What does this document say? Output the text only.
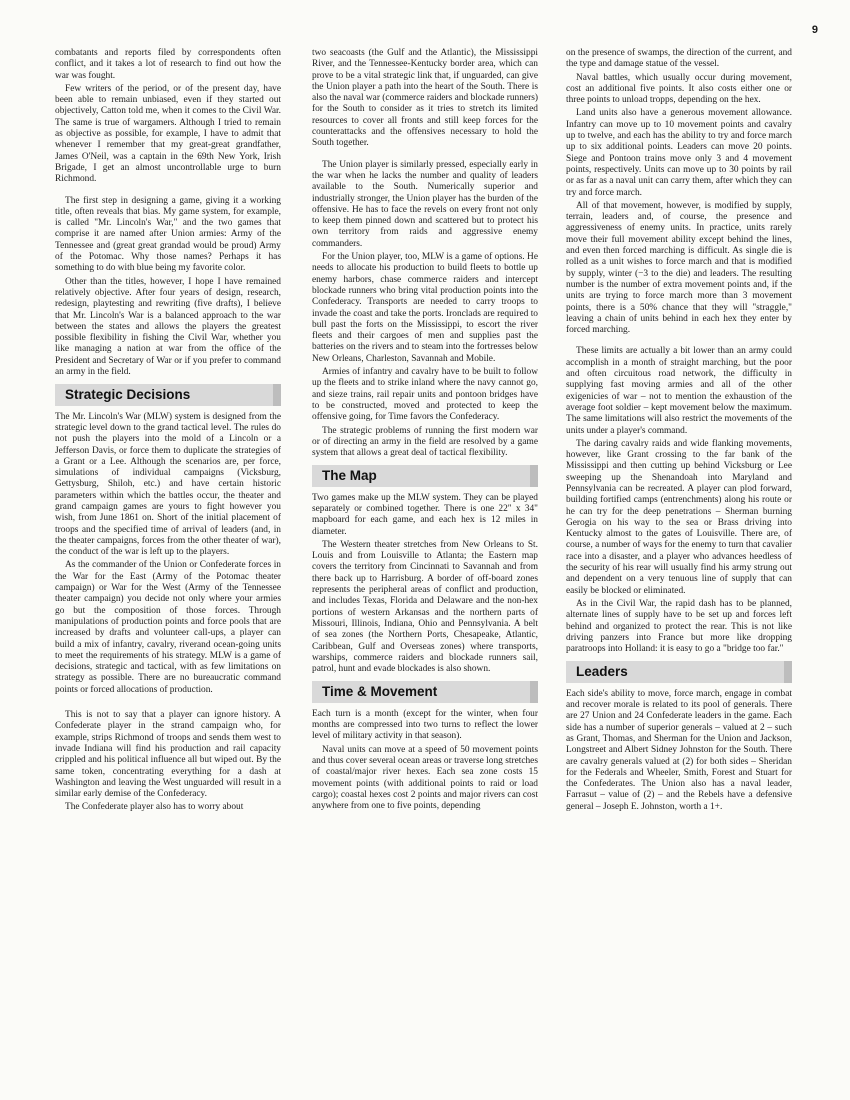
9

combatants and reports filed by correspondents often conflict, and it takes a lot of research to find out how the war was fought.

Few writers of the period, or of the present day, have been able to remain unbiased, even if they started out objectively, Catton told me, when it comes to the Civil War. The same is true of wargamers. Although I tried to remain as objective as possible, for example, I have to admit that whenever I remember that my great-great grandfather, James O'Neil, was a captain in the 69th New York, Irish Brigade, I get an almost uncontrollable urge to burn Richmond.

The first step in designing a game, giving it a working title, often reveals that bias. My game system, for example, is called "Mr. Lincoln's War," and the two games that comprise it are named after Union armies: Army of the Tennessee and (great great grandad would be proud) Army of the Potomac. Why those names? Perhaps it has something to do with blue being my favorite color.

Other than the titles, however, I hope I have remained relatively objective. After four years of design, research, redesign, playtesting and rewriting (five drafts), I believe that Mr. Lincoln's War is a balanced approach to the war between the states and allows the players the greatest possible flexibility in fishing the Civil War, whether you like managing a nation at war from the office of the President and Secretary of War or if you prefer to command an army in the field.

Strategic Decisions

The Mr. Lincoln's War (MLW) system is designed from the strategic level down to the grand tactical level. The rules do not push the players into the mold of a Lincoln or a Jefferson Davis, or force them to duplicate the strategies of a Grant or a Lee. Although the scenarios are, per force, simulations of individual campaigns (Vicksburg, Gettysburg, Shiloh, etc.) and have certain historic parameters within which the battles occur, the theater and grand campaign games are yours to fight however you wish, from June 1861 on. Short of the initial placement of troops and the specified time of arrival of leaders (and, in the theater campaigns, forces from the other theater of war), the conduct of the war is left up to the players.

As the commander of the Union or Confederate forces in the War for the East (Army of the Potomac theater campaign) or War for the West (Army of the Tennessee theater campaign) you decide not only where your armies go but the composition of those forces. Through manipulations of production points and force pools that are increased by drafts and volunteer call-ups, a player can build a mix of infantry, cavalry, riverand ocean-going units to meet the requirements of his strategy. MLW is a game of decisions, strategic and tactical, with as few limitations on strategy as possible. There are no bureaucratic command points or forced allocations of production.

This is not to say that a player can ignore history. A Confederate player in the strand campaign who, for example, strips Richmond of troops and sends them west to invade Indiana will find his production and rail capacity crippled and his political influence all but wiped out. By the same token, concentrating everything for a dash at Washington and leaving the West unguarded will result in a similar early demise of the Confederacy.

The Confederate player also has to worry about

two seacoasts (the Gulf and the Atlantic), the Mississippi River, and the Tennessee-Kentucky border area, which can prove to be a vital strategic link that, if unguarded, can give the Union player a path into the heart of the South. There is also the naval war (commerce raiders and blockade runners) for the South to consider as it tries to stretch its limited resources to cover all fronts and still keep forces for the counterattacks and the offensives necessary to hold the South together.

The Union player is similarly pressed, especially early in the war when he lacks the number and quality of leaders available to the South. Numerically superior and industrially stronger, the Union player has the burden of the offensive. He has to face the revels on every front not only to keep them pinned down and scattered but to protect his own territory from raids and aggressive enemy commanders.

For the Union player, too, MLW is a game of options. He needs to allocate his production to build fleets to bottle up enemy harbors, chase commerce raiders and intercept blockade runners who bring vital production points into the Confederacy. Transports are needed to carry troops to invade the coast and take the ports. Ironclads are required to bull past the forts on the Mississippi, to escort the river fleets and their cargoes of men and supplies past the batteries on the rivers and to steam into the fortresses below New Orleans, Charleston, Savannah and Mobile.

Armies of infantry and cavalry have to be built to follow up the fleets and to strike inland where the navy cannot go, and sieze trains, rail repair units and pontoon bridges have to be constructed, moved and protected to keep the offensive going, for Time favors the Confederacy.

The strategic problems of running the first modern war or of directing an army in the field are resolved by a game system that allows a great deal of tactical flexibility.

The Map

Two games make up the MLW system. They can be played separately or combined together. There is one 22" x 34" mapboard for each game, and each hex is 12 miles in diameter.

The Western theater stretches from New Orleans to St. Louis and from Louisville to Atlanta; the Eastern map covers the territory from Cincinnati to Savannah and from there back up to Harrisburg. A border of off-board zones represents the peripheral areas of conflict and production, and includes Texas, Florida and Delaware and the non-hex portions of western Arkansas and the northern parts of Missouri, Illinois, Indiana, Ohio and Pennsylvania. A belt of sea zones (the Northern Ports, Chesapeake, Atlantic, Caribbean, Gulf and Overseas zones) where transports, warships, commerce raiders and blockade runners sail, patrol, hunt and evade blockades is also shown.

Time & Movement

Each turn is a month (except for the winter, when four months are compressed into two turns to reflect the lower level of military activity in that season).

Naval units can move at a speed of 50 movement points and thus cover several ocean areas or traverse long stretches of coastal/major river hexes. Each sea zone costs 15 movement points (with additional points to raid or load cargo); coastal hexes cost 2 points and major rivers can cost anywhere from one to five points, depending

on the presence of swamps, the direction of the current, and the type and damage statue of the vessel.

Naval battles, which usually occur during movement, cost an additional five points. It also costs either one or three points to unload tropps, depending on the hex.

Land units also have a generous movement allowance. Infantry can move up to 10 movement points and cavalry up to twelve, and each has the ability to try and force march up to six additional points. Leaders can move 20 points. Siege and Pontoon trains move only 3 and 4 movement points, respectively. Units can move up to 30 points by rail or as far as a naval unit can carry them, after which they can try and force march.

All of that movement, however, is modified by supply, terrain, leaders and, of course, the presence and aggressiveness of enemy units. In practice, units rarely move their full movement ability except behind the lines, and even then forced marching is difficult. As single die is rolled as a unit wishes to force march and that is modified by supply, winter (−3 to the die) and leaders. The resulting number is the number of extra movement points and, if the units are trying to force march more than 3 movement points, there is a 50% chance that they will "straggle," leaving a chain of units behind in each hex they enter by forced marching.

These limits are actually a bit lower than an army could accomplish in a month of straight marching, but the poor and often circuitous road network, the difficulty in supplying fast moving armies and all of the other exigenicies of war – not to mention the exhaustion of the average foot soldier – kept movement below the maximum. The same limitations will also restrict the movements of the units under a player's command.

The daring cavalry raids and wide flanking movements, however, like Grant crossing to the far bank of the Mississippi and then cutting up behind Vicksburg or Lee sweeping up the Shenandoah into Maryland and Pennsylvania can be recreated. A player can plod forward, building fortified camps (entrenchments) along his route or he can try for the deep penetrations – Sherman burning Gerogia on his way to the sea or Brass driving into Kentucky almost to the gates of Louisville. There are, of course, a number of ways for the enemy to turn that cavalier race into a disaster, and a player who advances heedless of the security of his rear will usually find his army strung out and dependent on a very tenuous line of supply that can easily be blocked or eliminated.

As in the Civil War, the rapid dash has to be planned, alternate lines of supply have to be set up and forces left behind and organized to protect the rear. This is not like driving panzers into France but more like dropping paratroops into Holland: it is easy to go a "bridge too far."

Leaders

Each side's ability to move, force march, engage in combat and recover morale is related to its pool of generals. There are 27 Union and 24 Confederate leaders in the game. Each side has a number of superior generals – valued at 2 – such as Grant, Thomas, and Sherman for the Union and Jackson, Longstreet and Albert Sidney Johnston for the South. There are cavalry generals valued at (2) for both sides – Sheridan for the Federals and Wheeler, Smith, Forest and Stuart for the Confederates. The Union also has a naval leader, Farrasut – value of (2) – and the Rebels have a defensive general – Joseph E. Johnston, worth a 1+.
